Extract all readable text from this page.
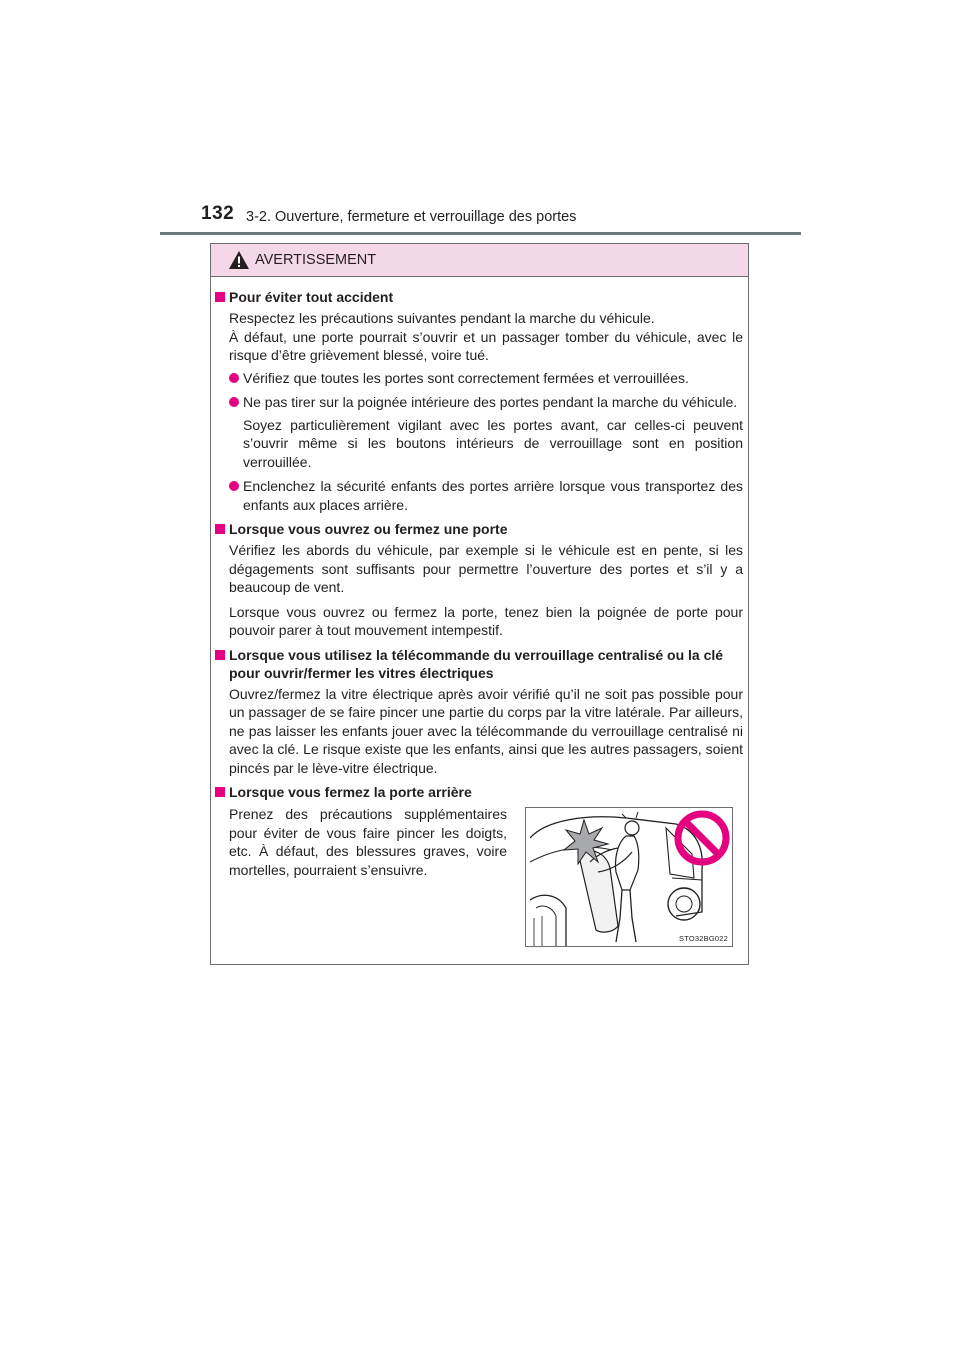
132 3-2. Ouverture, fermeture et verrouillage des portes
AVERTISSEMENT
Pour éviter tout accident
Respectez les précautions suivantes pendant la marche du véhicule.
À défaut, une porte pourrait s’ouvrir et un passager tomber du véhicule, avec le risque d’être grièvement blessé, voire tué.
Vérifiez que toutes les portes sont correctement fermées et verrouillées.
Ne pas tirer sur la poignée intérieure des portes pendant la marche du véhicule.
Soyez particulièrement vigilant avec les portes avant, car celles-ci peuvent s’ouvrir même si les boutons intérieurs de verrouillage sont en position verrouillée.
Enclenchez la sécurité enfants des portes arrière lorsque vous transportez des enfants aux places arrière.
Lorsque vous ouvrez ou fermez une porte
Vérifiez les abords du véhicule, par exemple si le véhicule est en pente, si les dégagements sont suffisants pour permettre l’ouverture des portes et s’il y a beaucoup de vent.
Lorsque vous ouvrez ou fermez la porte, tenez bien la poignée de porte pour pouvoir parer à tout mouvement intempestif.
Lorsque vous utilisez la télécommande du verrouillage centralisé ou la clé pour ouvrir/fermer les vitres électriques
Ouvrez/fermez la vitre électrique après avoir vérifié qu’il ne soit pas possible pour un passager de se faire pincer une partie du corps par la vitre latérale. Par ailleurs, ne pas laisser les enfants jouer avec la télécommande du verrouillage centralisé ni avec la clé. Le risque existe que les enfants, ainsi que les autres passagers, soient pincés par le lève-vitre électrique.
Lorsque vous fermez la porte arrière
Prenez des précautions supplémentaires pour éviter de vous faire pincer les doigts, etc. À défaut, des blessures graves, voire mortelles, pourraient s’ensuivre.
STO32BG022
